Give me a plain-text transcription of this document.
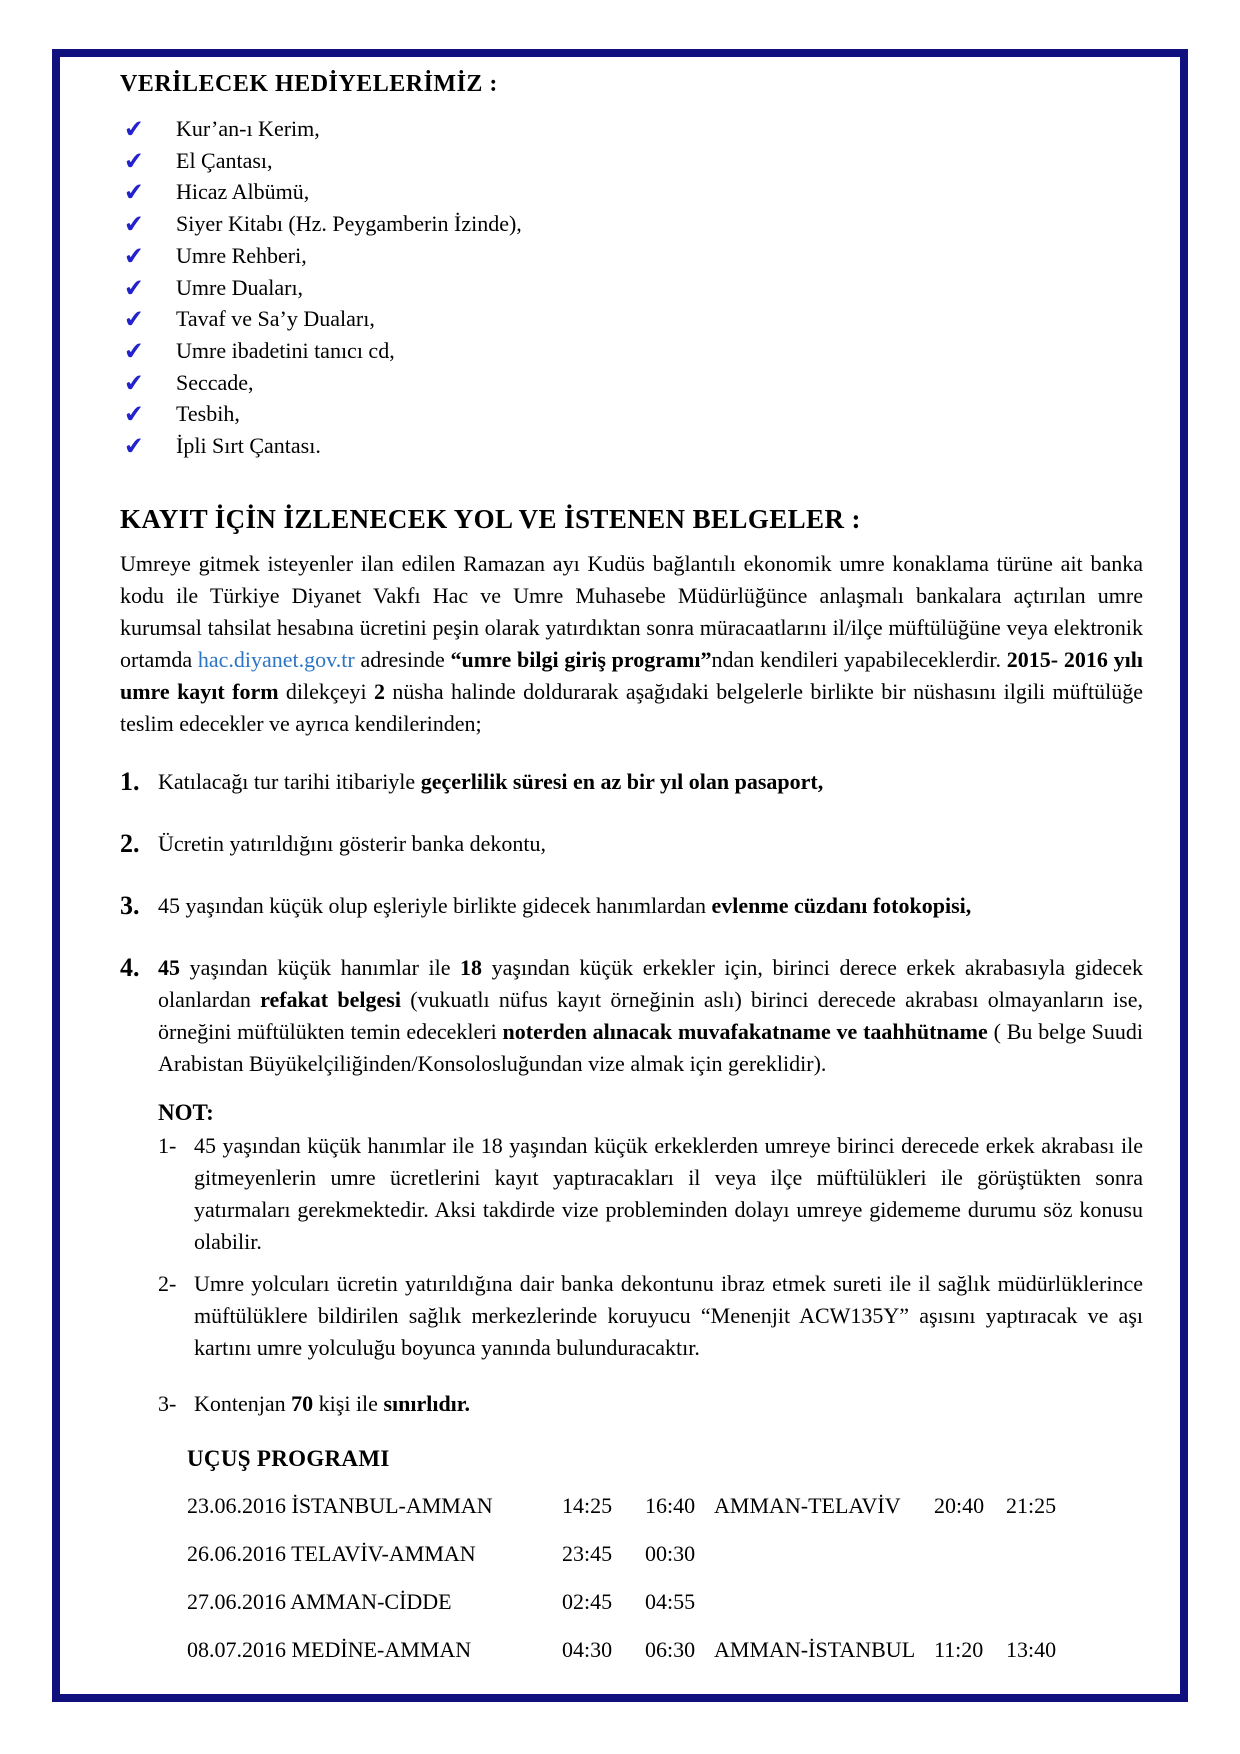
VERİLECEK HEDİYELERİMİZ :
✔	Kur’an-ı Kerim,
✔	El Çantası,
✔	Hicaz Albümü,
✔	Siyer Kitabı (Hz. Peygamberin İzinde),
✔	Umre Rehberi,
✔	Umre Duaları,
✔	Tavaf ve Sa’y Duaları,
✔	Umre ibadetini tanıcı cd,
✔	Seccade,
✔	Tesbih,
✔	İpli Sırt Çantası.
KAYIT İÇİN İZLENECEK YOL VE İSTENEN BELGELER :

Umreye gitmek isteyenler ilan edilen Ramazan ayı Kudüs bağlantılı ekonomik umre konaklama türüne ait banka kodu ile Türkiye Diyanet Vakfı Hac ve Umre Muhasebe Müdürlüğünce anlaşmalı bankalara açtırılan umre kurumsal tahsilat hesabına ücretini peşin olarak yatırdıktan sonra müracaatlarını il/ilçe müftülüğüne veya elektronik ortamda hac.diyanet.gov.tr adresinde “umre bilgi giriş programı”ndan kendileri yapabileceklerdir. 2015- 2016 yılı umre kayıt form dilekçeyi 2 nüsha halinde doldurarak aşağıdaki belgelerle birlikte bir nüshasını ilgili müftülüğe teslim edecekler ve ayrıca kendilerinden;

1. Katılacağı tur tarihi itibariyle geçerlilik süresi en az bir yıl olan pasaport,
2. Ücretin yatırıldığını gösterir banka dekontu,
3. 45 yaşından küçük olup eşleriyle birlikte gidecek hanımlardan evlenme cüzdanı fotokopisi,
4. 45 yaşından küçük hanımlar ile 18 yaşından küçük erkekler için, birinci derece erkek akrabasıyla gidecek olanlardan refakat belgesi (vukuatlı nüfus kayıt örneğinin aslı) birinci derecede akrabası olmayanların ise, örneğini müftülükten temin edecekleri noterden alınacak muvafakatname ve taahhütname ( Bu belge Suudi Arabistan Büyükelçiliğinden/Konsolosluğundan vize almak için gereklidir).
NOT:
1- 45 yaşından küçük hanımlar ile 18 yaşından küçük erkeklerden umreye birinci derecede erkek akrabası ile gitmeyenlerin umre ücretlerini kayıt yaptıracakları il veya ilçe müftülükleri ile görüştükten sonra yatırmaları gerekmektedir. Aksi takdirde vize probleminden dolayı umreye gidememe durumu söz konusu olabilir.
2- Umre yolcuları ücretin yatırıldığına dair banka dekontunu ibraz etmek sureti ile il sağlık müdürlüklerince müftülüklere bildirilen sağlık merkezlerinde koruyucu “Menenjit ACW135Y” aşısını yaptıracak ve aşı kartını umre yolculuğu boyunca yanında bulunduracaktır.
3- Kontenjan 70 kişi ile sınırlıdır.
UÇUŞ PROGRAMI
23.06.2016 İSTANBUL-AMMAN	14:25	16:40 AMMAN-TELAVİV	20:40 21:25
26.06.2016 TELAVİV-AMMAN	23:45	00:30
27.06.2016 AMMAN-CİDDE	02:45	04:55
08.07.2016 MEDİNE-AMMAN	04:30	06:30 AMMAN-İSTANBUL 11:20	13:40
